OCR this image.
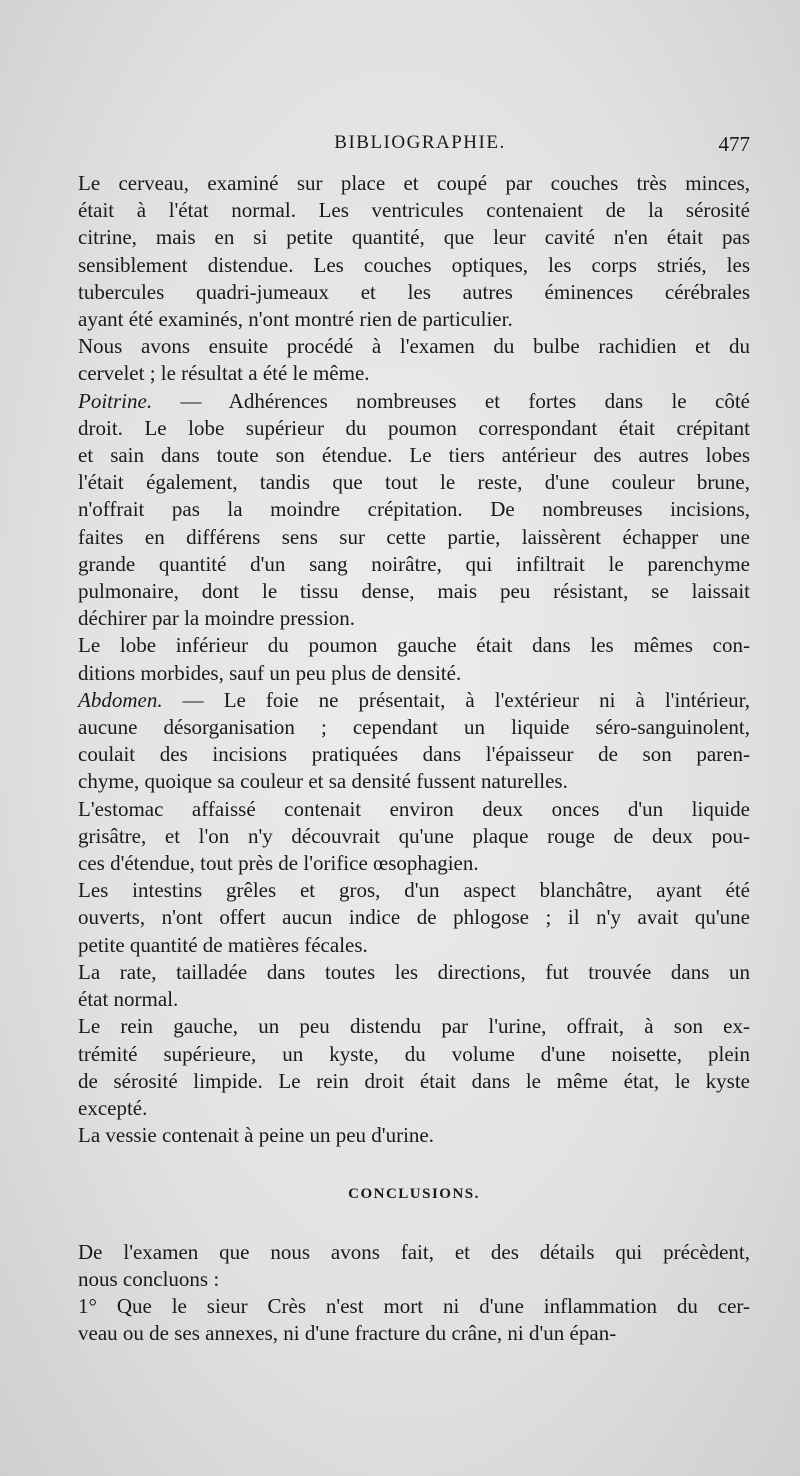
BIBLIOGRAPHIE.	477

Le cerveau, examiné sur place et coupé par couches très minces,
était à l'état normal. Les ventricules contenaient de la sérosité
citrine, mais en si petite quantité, que leur cavité n'en était pas
sensiblement distendue. Les couches optiques, les corps striés, les
tubercules quadri-jumeaux et les autres éminences cérébrales
ayant été examinés, n'ont montré rien de particulier.

Nous avons ensuite procédé à l'examen du bulbe rachidien et du
cervelet ; le résultat a été le même.

Poitrine. — Adhérences nombreuses et fortes dans le côté
droit. Le lobe supérieur du poumon correspondant était crépitant
et sain dans toute son étendue. Le tiers antérieur des autres lobes
l'était également, tandis que tout le reste, d'une couleur brune,
n'offrait pas la moindre crépitation. De nombreuses incisions,
faites en différens sens sur cette partie, laissèrent échapper une
grande quantité d'un sang noirâtre, qui infiltrait le parenchyme
pulmonaire, dont le tissu dense, mais peu résistant, se laissait
déchirer par la moindre pression.

Le lobe inférieur du poumon gauche était dans les mêmes con-
ditions morbides, sauf un peu plus de densité.

Abdomen. — Le foie ne présentait, à l'extérieur ni à l'intérieur,
aucune désorganisation ; cependant un liquide séro-sanguinolent,
coulait des incisions pratiquées dans l'épaisseur de son paren-
chyme, quoique sa couleur et sa densité fussent naturelles.

L'estomac affaissé contenait environ deux onces d'un liquide
grisâtre, et l'on n'y découvrait qu'une plaque rouge de deux pou-
ces d'étendue, tout près de l'orifice œsophagien.

Les intestins grêles et gros, d'un aspect blanchâtre, ayant été
ouverts, n'ont offert aucun indice de phlogose ; il n'y avait qu'une
petite quantité de matières fécales.

La rate, tailladée dans toutes les directions, fut trouvée dans un
état normal.

Le rein gauche, un peu distendu par l'urine, offrait, à son ex-
trémité supérieure, un kyste, du volume d'une noisette, plein
de sérosité limpide. Le rein droit était dans le même état, le kyste
excepté.

La vessie contenait à peine un peu d'urine.

CONCLUSIONS.

De l'examen que nous avons fait, et des détails qui précèdent,
nous concluons :

1° Que le sieur Crès n'est mort ni d'une inflammation du cer-
veau ou de ses annexes, ni d'une fracture du crâne, ni d'un épan-
